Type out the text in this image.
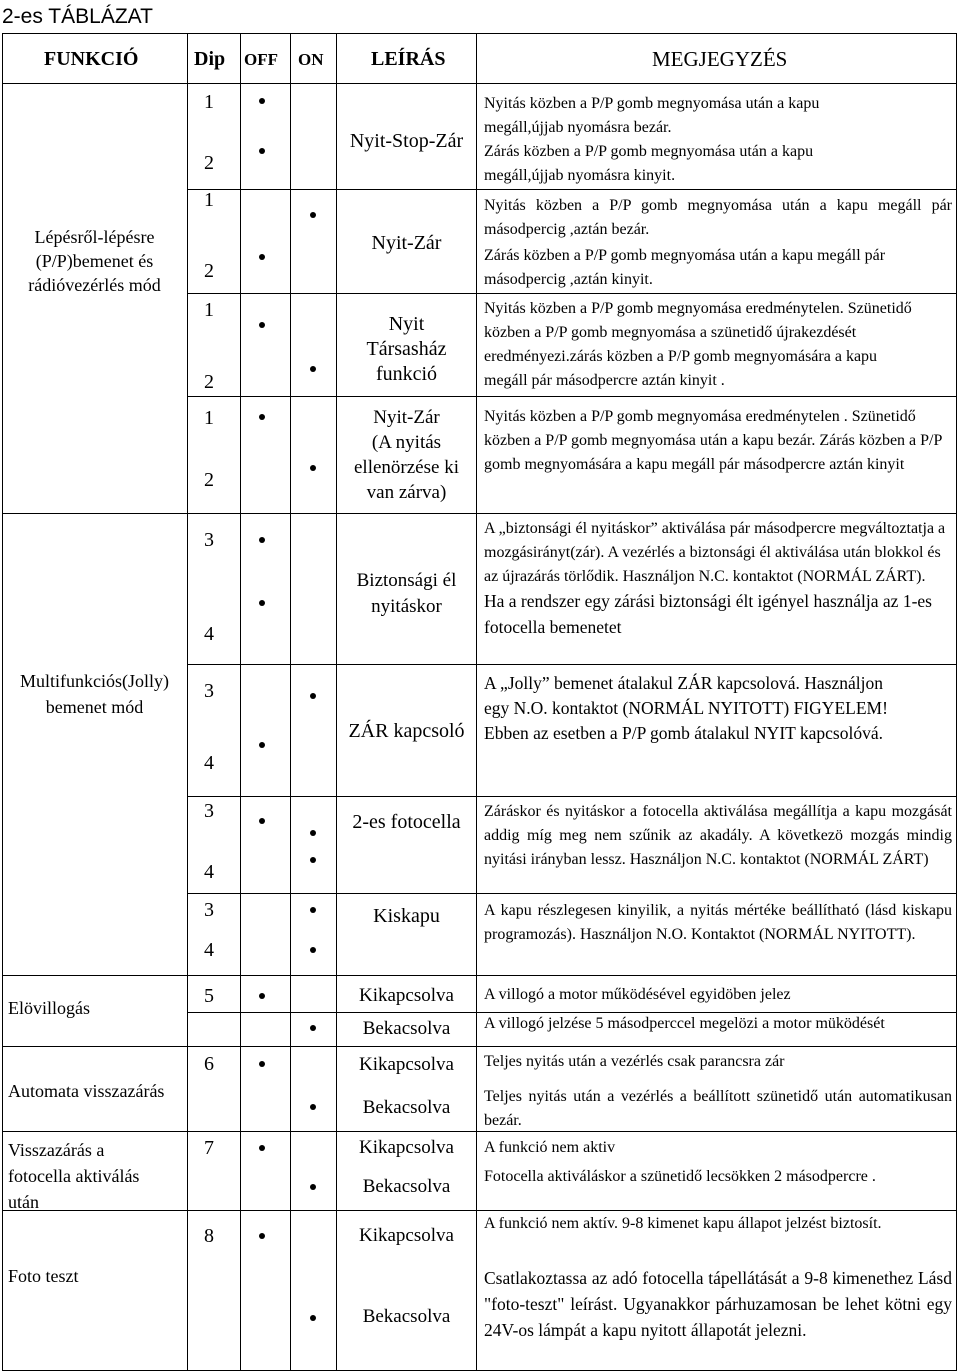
2-es TÁBLÁZAT
FUNKCIÓ	Dip OFF ON LEÍRÁS	MEGJEGYZÉS
Lépésről-lépésre
(P/P)bemenet és
rádióvezérlés mód
Multifunkciós(Jolly)
bemenet mód
Elövillogás
Automata visszazárás
Visszazárás a
fotocella aktiválás
után
Foto teszt
1
2
1
2
1
2
1
2
3
4
3
4
3
4
3
4
5
6
7
8
Nyit-Stop-Zár
Nyit-Zár
Nyit
Társasház
funkció
Nyit-Zár
(A nyitás
ellenörzése ki
van zárva)
Biztonsági él
nyitáskor
ZÁR kapcsoló
2-es fotocella
Kiskapu
Kikapcsolva
Bekacsolva
Kikapcsolva
Bekacsolva
Kikapcsolva
Bekacsolva
Kikapcsolva
Bekacsolva
Nyitás közben a P/P gomb megnyomása után a kapu megáll,újjab nyomásra bezár.
Zárás közben a P/P gomb megnyomása után a kapu megáll,újjab nyomásra kinyit.
Nyitás közben a P/P gomb megnyomása után a kapu megáll pár másodpercig ,aztán bezár.
Zárás közben a P/P gomb megnyomása után a kapu megáll pár másodpercig ,aztán kinyit.
Nyitás közben a P/P gomb megnyomása eredménytelen. Szünetidő közben a P/P gomb megnyomása a szünetidő újrakezdését eredményezi.zárás közben a P/P gomb megnyomására a kapu megáll pár másodpercre aztán kinyit .
Nyitás közben a P/P gomb megnyomása eredménytelen . Szünetidő közben a P/P gomb megnyomása után a kapu bezár. Zárás közben a P/P gomb megnyomására a kapu megáll pár másodpercre aztán kinyit
A „biztonsági él nyitáskor” aktiválása pár másodpercre megváltoztatja a mozgásirányt(zár). A vezérlés a biztonsági él aktiválása után blokkol és az újrazárás törlődik. Használjon N.C. kontaktot (NORMÁL ZÁRT). Ha a rendszer egy zárási biztonsági élt igényel használja az 1-es fotocella bemenetet
A „Jolly” bemenet átalakul ZÁR kapcsolová. Használjon egy N.O. kontaktot (NORMÁL NYITOTT) FIGYELEM! Ebben az esetben a P/P gomb átalakul NYIT kapcsolóvá.
Záráskor és nyitáskor a fotocella aktiválása megállítja a kapu mozgását addig míg meg nem szűnik az akadály. A következö mozgás mindig nyitási irányban lessz. Használjon N.C. kontaktot (NORMÁL ZÁRT)
A kapu részlegesen kinyilik, a nyitás mértéke beállítható (lásd kiskapu programozás). Használjon N.O. Kontaktot (NORMÁL NYITOTT).
A villogó a motor működésével egyidöben jelez
A villogó jelzése 5 másodperccel megelözi a motor müködését
Teljes nyitás után a vezérlés csak parancsra zár
Teljes nyitás után a vezérlés a beállított szünetidő után automatikusan bezár.
A funkció nem aktiv
Fotocella aktiváláskor a szünetidő lecsökken 2 másodpercre .
A funkció nem aktív. 9-8 kimenet kapu állapot jelzést biztosít.
Csatlakoztassa az adó fotocella tápellátását a 9-8 kimenethez Lásd "foto-teszt" leírást. Ugyanakkor párhuzamosan be lehet kötni egy 24V-os lámpát a kapu nyitott állapotát jelezni.
